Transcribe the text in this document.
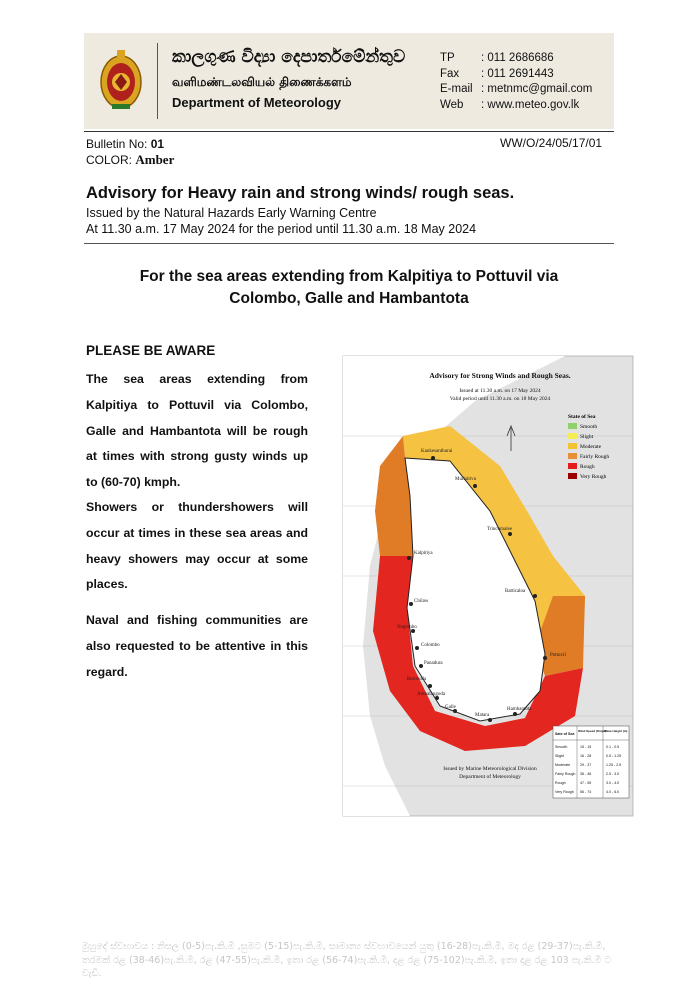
කාලගුණ විද්‍යා දෙපාර්තමේන්තුව
வளிமண்டலவியல் திணைக்களம்
Department of Meteorology
TP : 011 2686686
Fax : 011 2691443
E-mail : metnmc@gmail.com
Web : www.meteo.gov.lk
Bulletin No: 01
COLOR: Amber
WW/O/24/05/17/01
Advisory for Heavy rain and strong winds/ rough seas.
Issued by the Natural Hazards Early Warning Centre
At 11.30 a.m. 17 May 2024 for the period until 11.30 a.m. 18 May 2024
For the sea areas extending from Kalpitiya to Pottuvil via Colombo, Galle and Hambantota
PLEASE BE AWARE
The sea areas extending from Kalpitiya to Pottuvil via Colombo, Galle and Hambantota will be rough at times with strong gusty winds up to (60-70) kmph.
Showers or thundershowers will occur at times in these sea areas and heavy showers may occur at some places.
Naval and fishing communities are also requested to be attentive in this regard.
Kankesanthurai
Mullaitivu
Trincomalee
Batticaloa
Kalpitiya
Chilaw
Negombo
Colombo
Panadura
Beruwala
Ambalangoda
Galle
Matara
Hambantota
Pottuvil
Advisory for Strong Winds and Rough Seas.
Issued at 11.30 a.m. on 17 May 2024
Valid period until 11.30 a.m. on 18 May 2024
State of Sea
Smooth
Slight
Moderate
Fairly Rough
Rough
Very Rough
Sate of Sea
Wind Speed (Kmph)
Wave Height (m)
Smooth	15 - 15	0.1 - 0.5
Slight	16 - 28	0.5 - 1.25
Moderate	29 - 37	1.25 - 2.5
Fairly Rough 38 - 46	2.5 - 3.0
Rough	47 - 55	3.0 - 4.0
Very Rough 56 - 74	4.0 - 6.0
Issued by Marine Meteorological Division
Department of Meteorology
මුහුදේ ස්වභාවය : නිසල (0-5)පැ.කි.මී ,සුමට (5-15)පැ.කි.මී, සාමාන්‍ය ස්වභාවයෙන් යුතු (16-28)පැ.කි.මී, මද රළ (29-37)පැ.කි.මී, තරමක් රළ (38-46)පැ.කි.මී, රළ (47-55)පැ.කි.මී, ඉතා රළ (56-74)පැ.කි.මී, දළ රළ (75-102)පැ.කි.මී, ඉතා දළ රළ 103 පැ.කි.මී ට වැඩි.
